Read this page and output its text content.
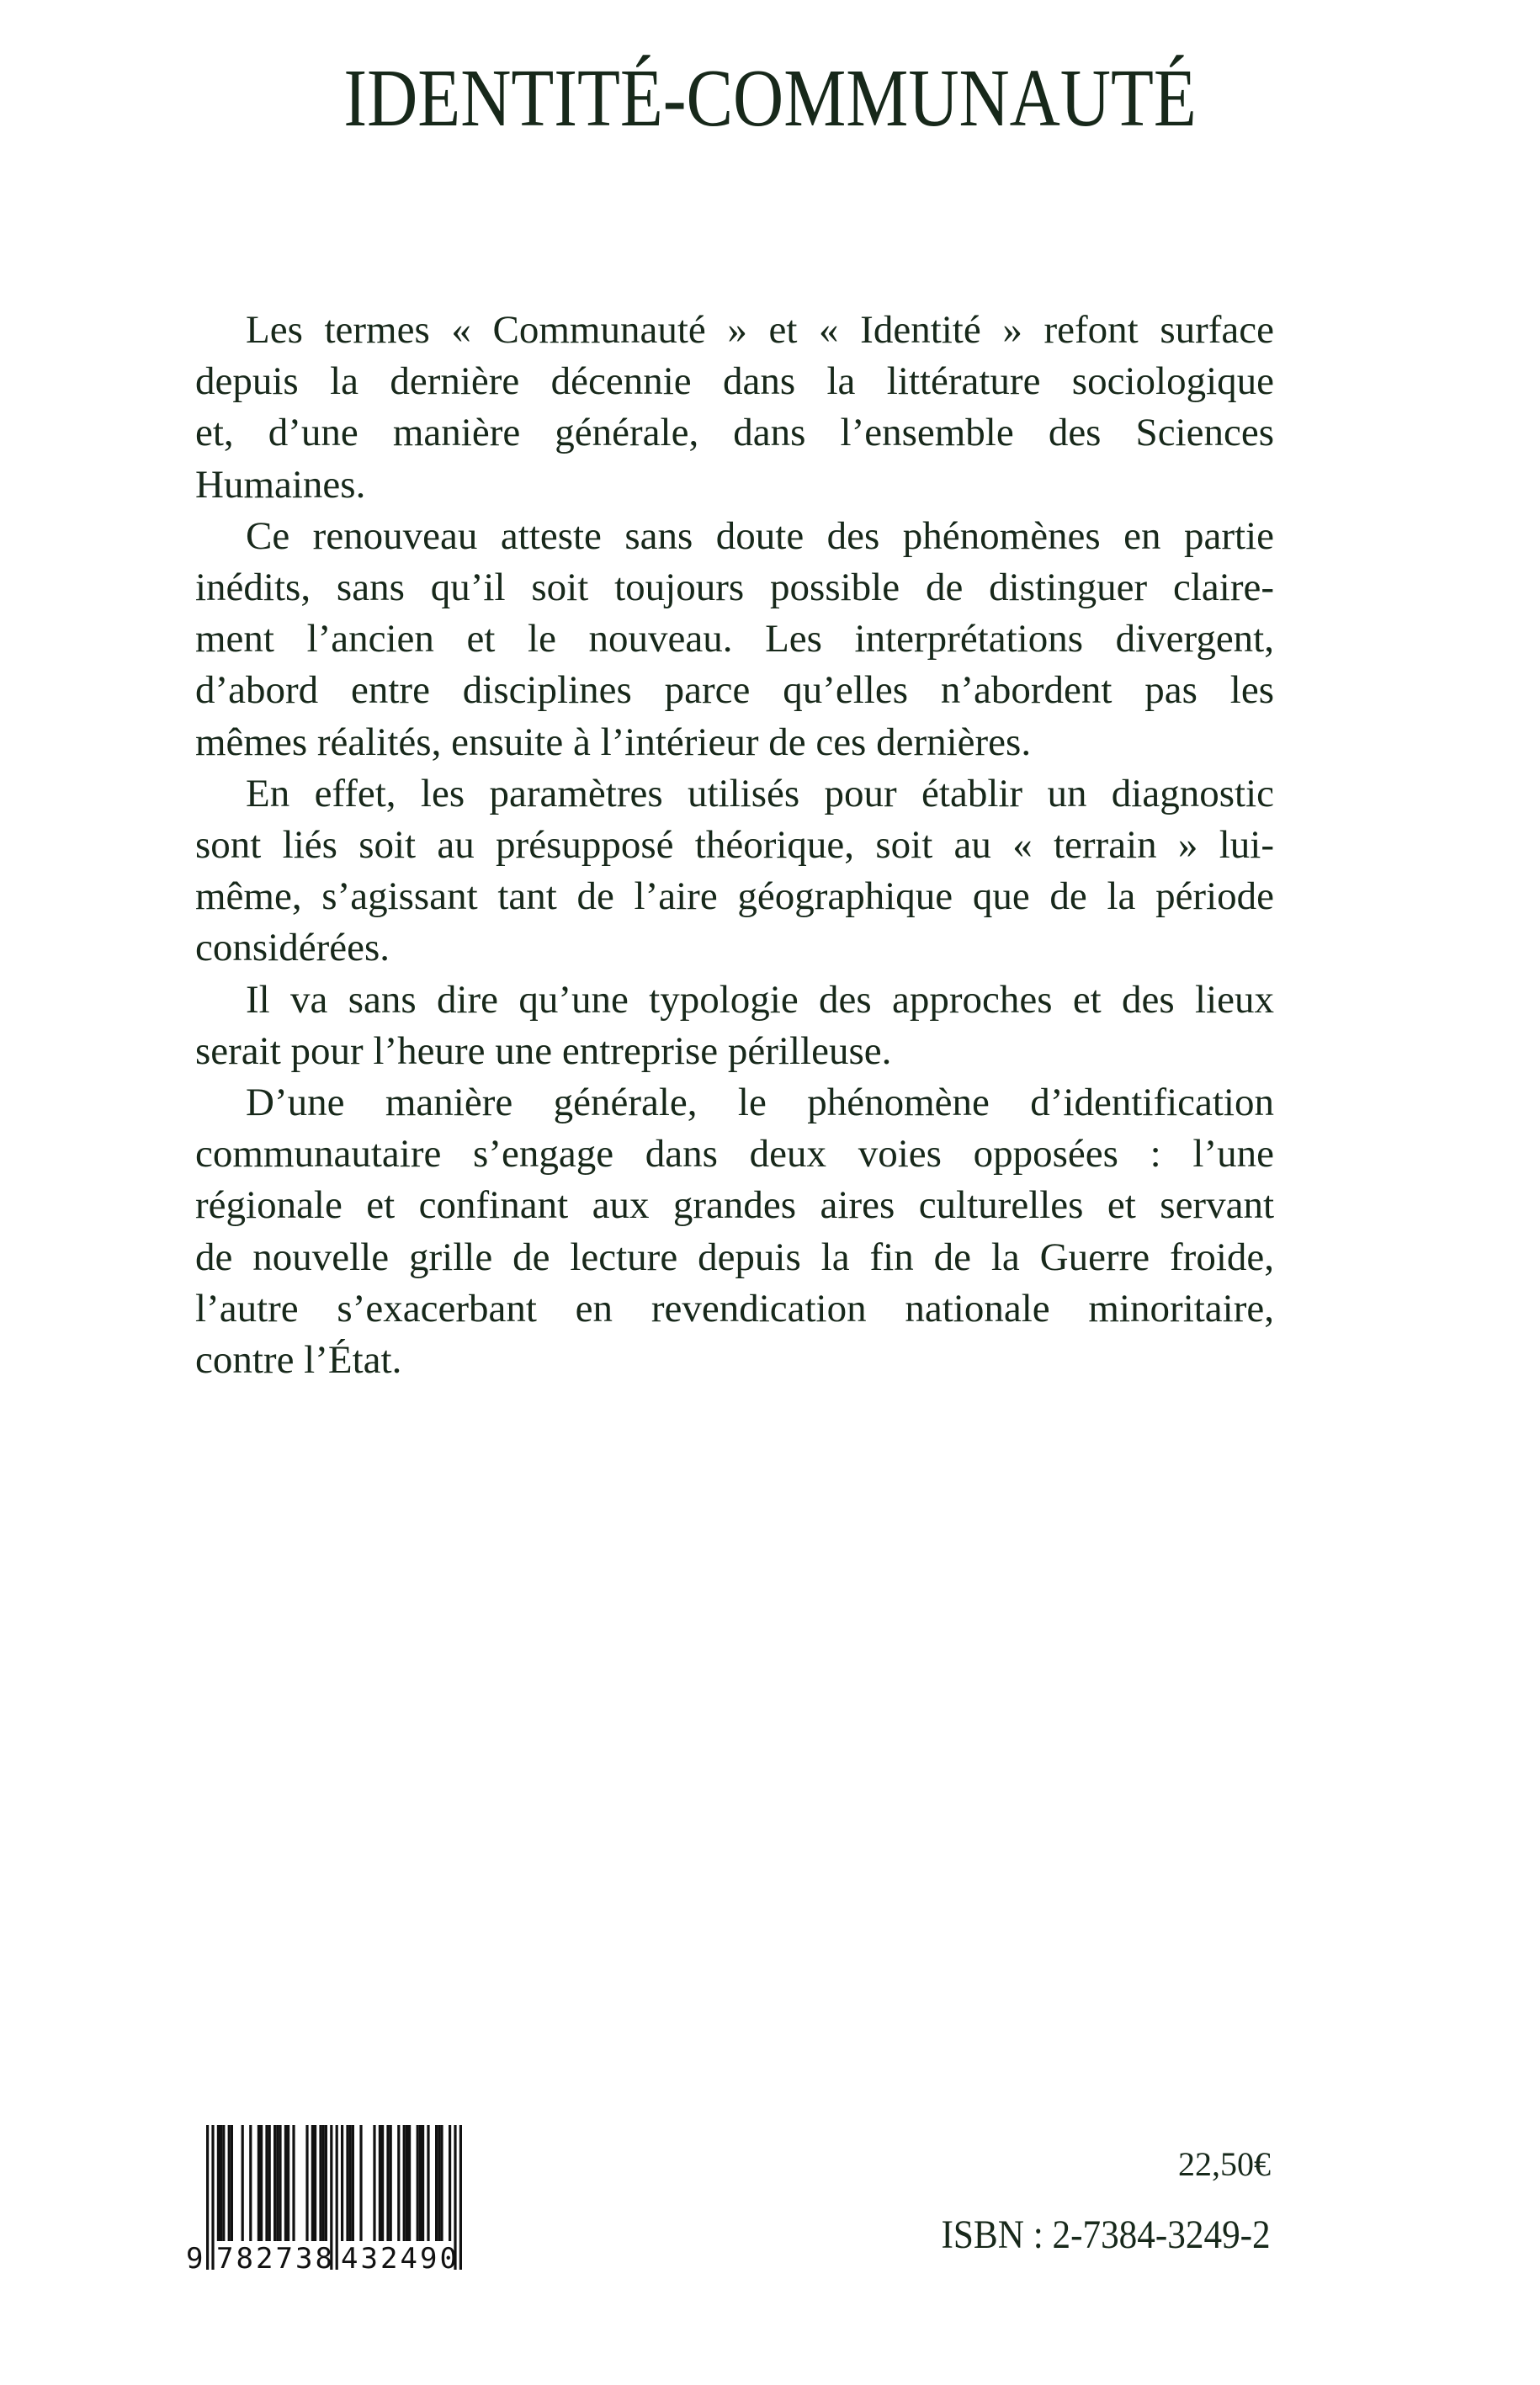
IDENTITÉ-COMMUNAUTÉ
Les termes « Communauté » et « Identité » refont surface
depuis la dernière décennie dans la littérature sociologique
et, d’une manière générale, dans l’ensemble des Sciences
Humaines.
Ce renouveau atteste sans doute des phénomènes en partie
inédits, sans qu’il soit toujours possible de distinguer claire-
ment l’ancien et le nouveau. Les interprétations divergent,
d’abord entre disciplines parce qu’elles n’abordent pas les
mêmes réalités, ensuite à l’intérieur de ces dernières.
En effet, les paramètres utilisés pour établir un diagnostic
sont liés soit au présupposé théorique, soit au « terrain » lui-
même, s’agissant tant de l’aire géographique que de la période
considérées.
Il va sans dire qu’une typologie des approches et des lieux
serait pour l’heure une entreprise périlleuse.
D’une manière générale, le phénomène d’identification
communautaire s’engage dans deux voies opposées : l’une
régionale et confinant aux grandes aires culturelles et servant
de nouvelle grille de lecture depuis la fin de la Guerre froide,
l’autre s’exacerbant en revendication nationale minoritaire,
contre l’État.
9 782738 432490
22,50€
ISBN : 2-7384-3249-2
